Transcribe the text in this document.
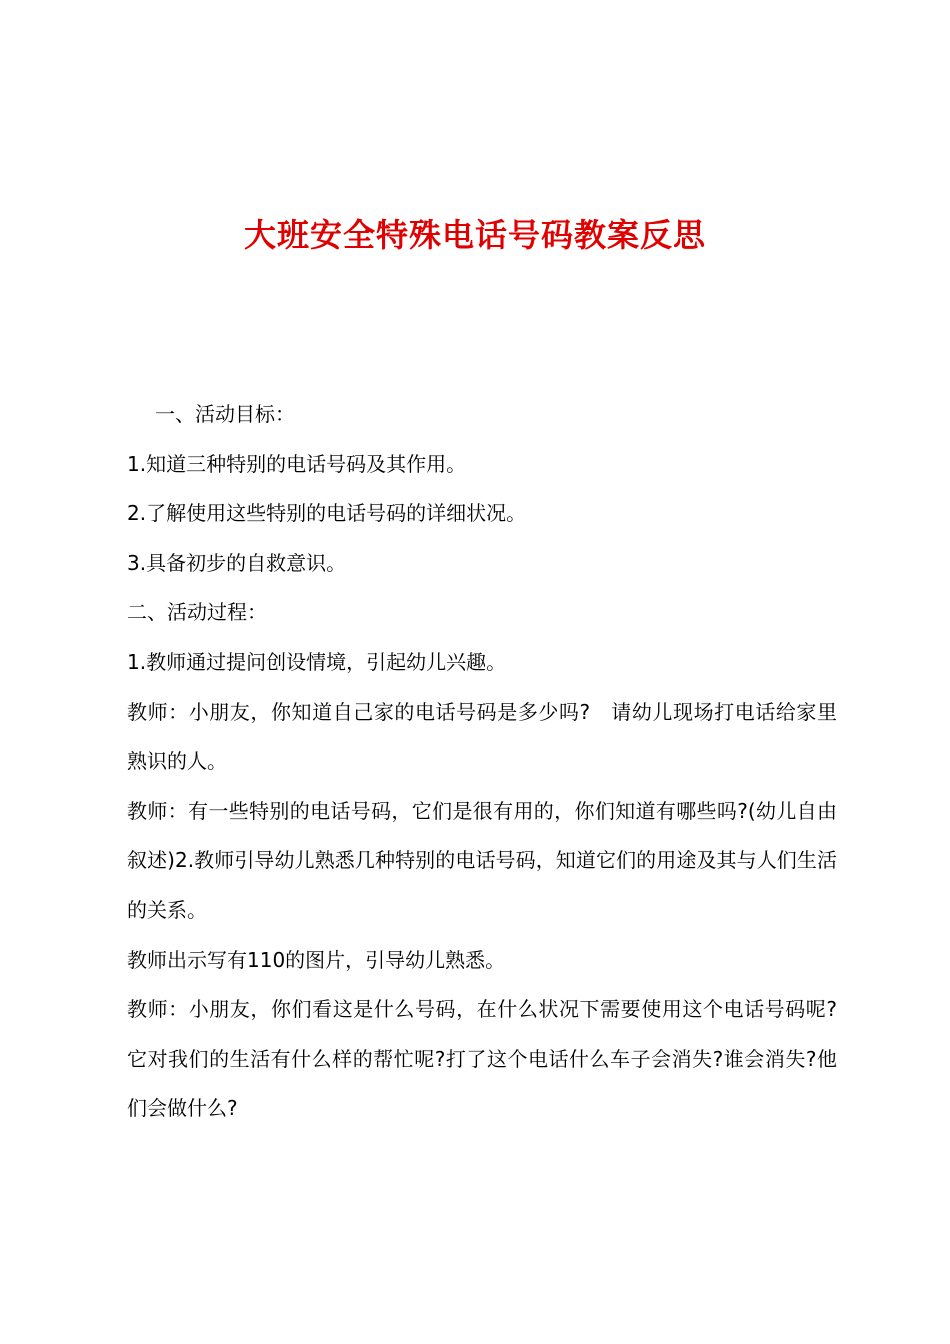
大班安全特殊电话号码教案反思

一、活动目标：

1.知道三种特别的电话号码及其作用。

2.了解使用这些特别的电话号码的详细状况。

3.具备初步的自救意识。

二、活动过程：

1.教师通过提问创设情境，引起幼儿兴趣。

教师：小朋友，你知道自己家的电话号码是多少吗?　请幼儿现场打电话给家里熟识的人。

教师：有一些特别的电话号码，它们是很有用的，你们知道有哪些吗?(幼儿自由叙述)2.教师引导幼儿熟悉几种特别的电话号码，知道它们的用途及其与人们生活的关系。

教师出示写有110的图片，引导幼儿熟悉。

教师：小朋友，你们看这是什么号码，在什么状况下需要使用这个电话号码呢?它对我们的生活有什么样的帮忙呢?打了这个电话什么车子会消失?谁会消失?他们会做什么?
